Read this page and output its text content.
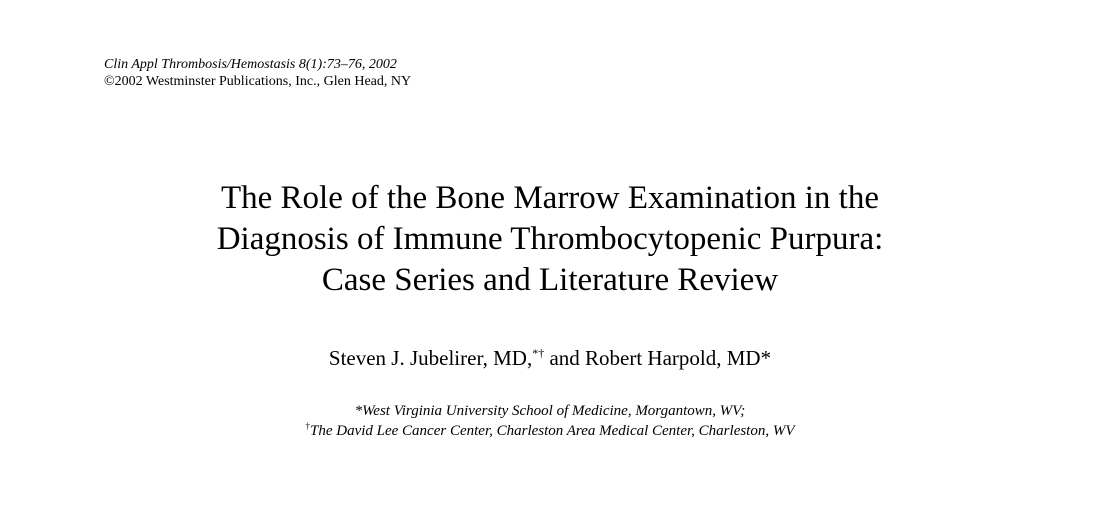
Clin Appl Thrombosis/Hemostasis 8(1):73–76, 2002
©2002 Westminster Publications, Inc., Glen Head, NY
The Role of the Bone Marrow Examination in the
Diagnosis of Immune Thrombocytopenic Purpura:
Case Series and Literature Review
Steven J. Jubelirer, MD,*† and Robert Harpold, MD*
*West Virginia University School of Medicine, Morgantown, WV;
†The David Lee Cancer Center, Charleston Area Medical Center, Charleston, WV
